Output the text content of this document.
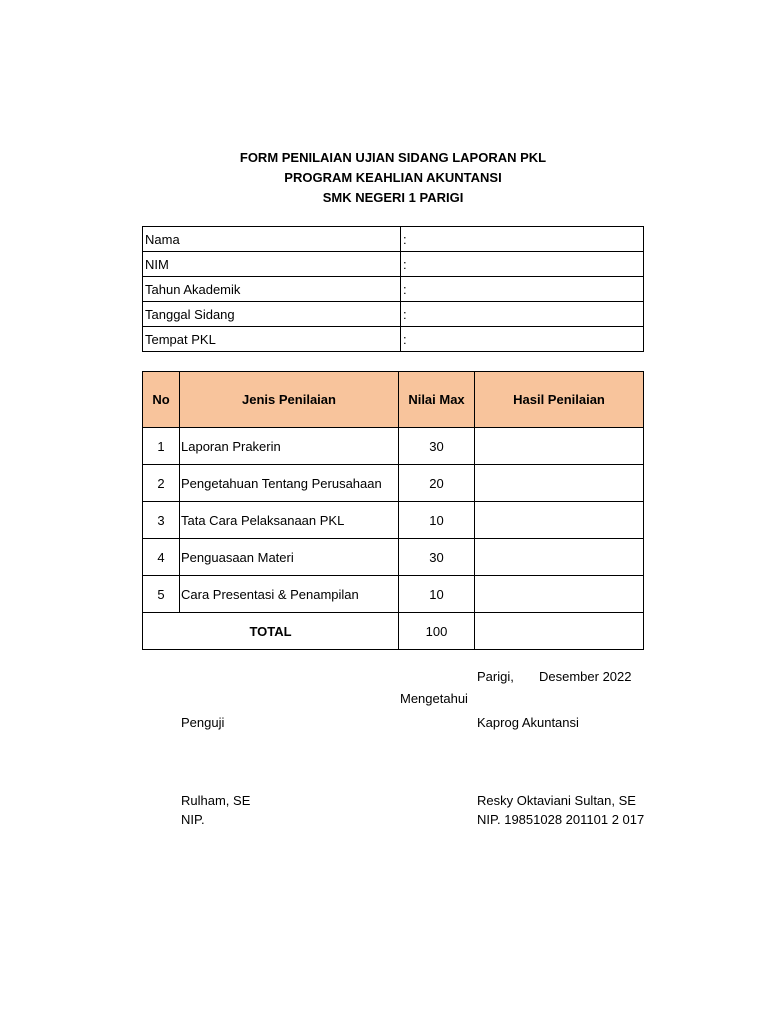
FORM PENILAIAN UJIAN SIDANG LAPORAN PKL
PROGRAM KEAHLIAN AKUNTANSI
SMK NEGERI 1 PARIGI
Nama	:
NIM	:
Tahun Akademik	:
Tanggal Sidang	:
Tempat PKL	:
No	Jenis Penilaian	Nilai Max	Hasil Penilaian
1	Laporan Prakerin	30	
2	Pengetahuan Tentang Perusahaan	20	
3	Tata Cara Pelaksanaan PKL	10	
4	Penguasaan Materi	30	
5	Cara Presentasi & Penampilan	10	
TOTAL		100	
Parigi, Desember 2022
Mengetahui
Penguji	Kaprog Akuntansi
Rulham, SE	Resky Oktaviani Sultan, SE
NIP.	NIP. 19851028 201101 2 017
